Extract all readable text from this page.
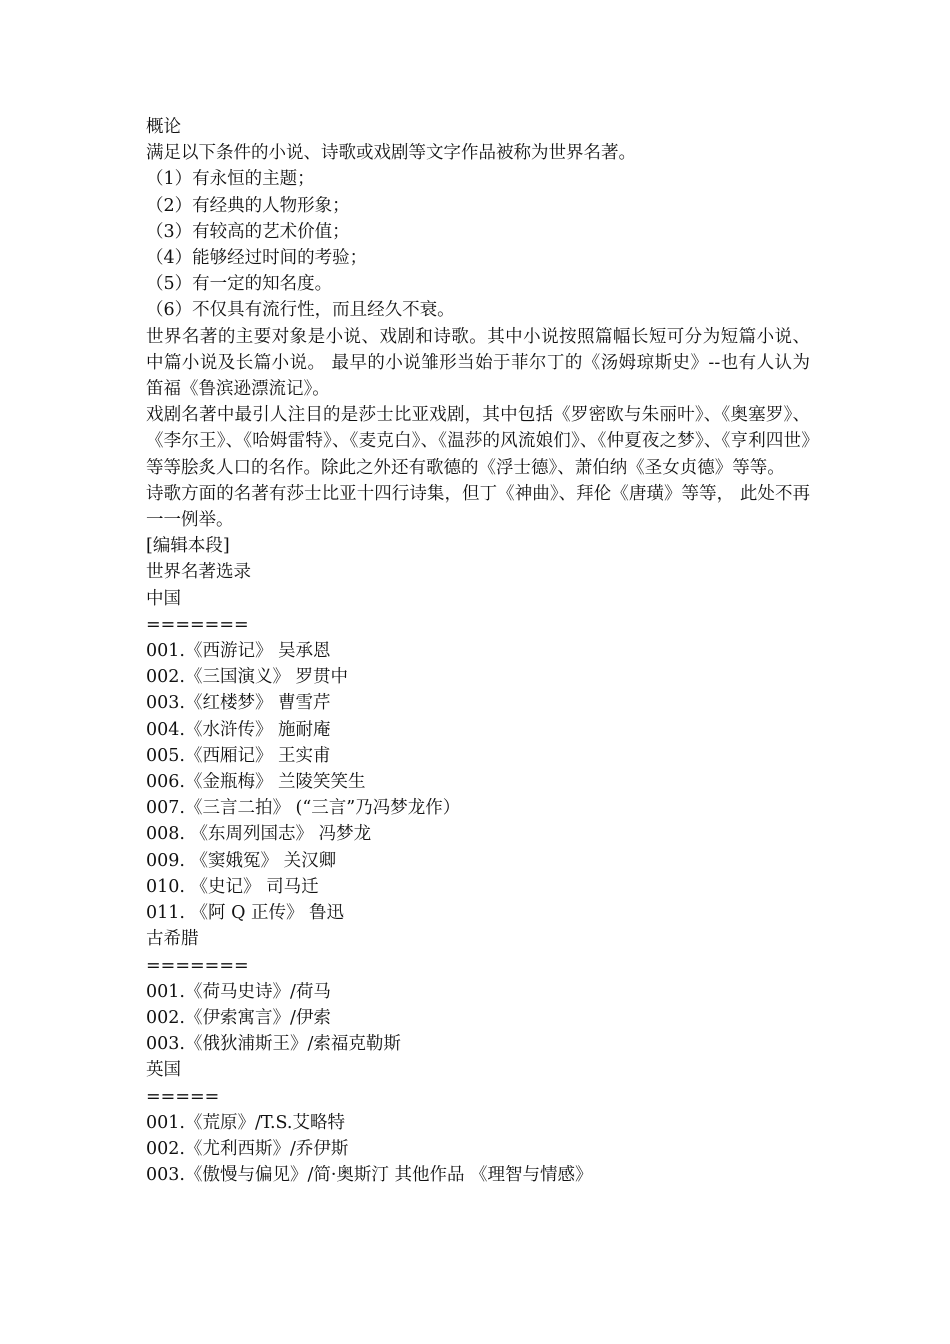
概论
满足以下条件的小说、诗歌或戏剧等文字作品被称为世界名著。
（1）有永恒的主题；
（2）有经典的人物形象；
（3）有较高的艺术价值；
（4）能够经过时间的考验；
（5）有一定的知名度。
（6）不仅具有流行性，而且经久不衰。
世界名著的主要对象是小说、戏剧和诗歌。其中小说按照篇幅长短可分为短篇小说、中篇小说及长篇小说。 最早的小说雏形当始于菲尔丁的《汤姆琼斯史》--也有人认为笛福《鲁滨逊漂流记》。
戏剧名著中最引人注目的是莎士比亚戏剧，其中包括《罗密欧与朱丽叶》、《奥塞罗》、《李尔王》、《哈姆雷特》、《麦克白》、《温莎的风流娘们》、《仲夏夜之梦》、《亨利四世》等等脍炙人口的名作。除此之外还有歌德的《浮士德》、萧伯纳《圣女贞德》等等。
诗歌方面的名著有莎士比亚十四行诗集，但丁《神曲》、拜伦《唐璜》等等， 此处不再一一例举。
[编辑本段]
世界名著选录
中国
=======
001.《西游记》 吴承恩
002.《三国演义》 罗贯中
003.《红楼梦》 曹雪芹
004.《水浒传》 施耐庵
005.《西厢记》 王实甫
006.《金瓶梅》 兰陵笑笑生
007.《三言二拍》 (“三言”乃冯梦龙作）
008. 《东周列国志》 冯梦龙
009. 《窦娥冤》 关汉卿
010. 《史记》 司马迁
011. 《阿 Q 正传》 鲁迅
古希腊
=======
001.《荷马史诗》/荷马
002.《伊索寓言》/伊索
003.《俄狄浦斯王》/索福克勒斯
英国
=====
001.《荒原》/T.S.艾略特
002.《尤利西斯》/乔伊斯
003.《傲慢与偏见》/简·奥斯汀 其他作品 《理智与情感》
